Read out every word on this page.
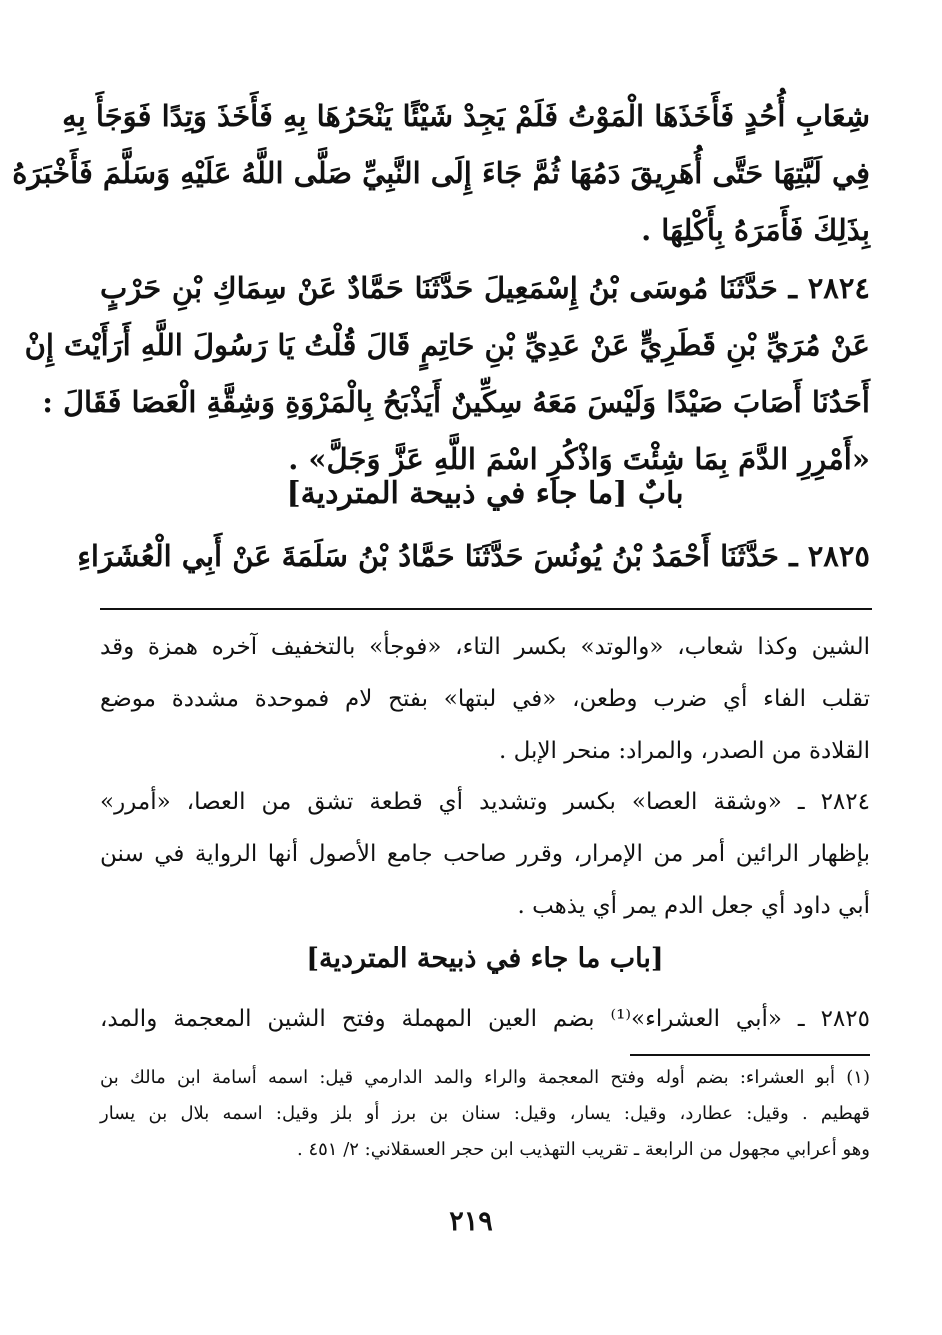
شِعَابِ أُحُدٍ فَأَخَذَهَا الْمَوْتُ فَلَمْ يَجِدْ شَيْئًا يَنْحَرُهَا بِهِ فَأَخَذَ وَتِدًا فَوَجَأَ بِهِ
فِي لَبَّتِهَا حَتَّى أُهَرِيقَ دَمُهَا ثُمَّ جَاءَ إِلَى النَّبِيِّ صَلَّى اللَّهُ عَلَيْهِ وَسَلَّمَ فَأَخْبَرَهُ
بِذَلِكَ فَأَمَرَهُ بِأَكْلِهَا .
٢٨٢٤ ـ حَدَّثَنَا مُوسَى بْنُ إِسْمَعِيلَ حَدَّثَنَا حَمَّادٌ عَنْ سِمَاكِ بْنِ حَرْبٍ
عَنْ مُرَيِّ بْنِ قَطَرِيٍّ عَنْ عَدِيِّ بْنِ حَاتِمٍ قَالَ قُلْتُ يَا رَسُولَ اللَّهِ أَرَأَيْتَ إِنْ
أَحَدُنَا أَصَابَ صَيْدًا وَلَيْسَ مَعَهُ سِكِّينٌ أَيَذْبَحُ بِالْمَرْوَةِ وَشِقَّةِ الْعَصَا فَقَالَ :
«أَمْرِرِ الدَّمَ بِمَا شِئْتَ وَاذْكُرِ اسْمَ اللَّهِ عَزَّ وَجَلَّ» .
بابٌ [ما جاء في ذبيحة المتردية]
٢٨٢٥ ـ حَدَّثَنَا أَحْمَدُ بْنُ يُونُسَ حَدَّثَنَا حَمَّادُ بْنُ سَلَمَةَ عَنْ أَبِي الْعُشَرَاءِ
الشين وكذا شعاب، «والوتد» بكسر التاء، «فوجأ» بالتخفيف آخره همزة وقد
تقلب الفاء أي ضرب وطعن، «في لبتها» بفتح لام فموحدة مشددة موضع
القلادة من الصدر، والمراد: منحر الإبل .
٢٨٢٤ ـ «وشقة العصا» بكسر وتشديد أي قطعة تشق من العصا، «أمرر»
بإظهار الرائين أمر من الإمرار، وقرر صاحب جامع الأصول أنها الرواية في سنن
أبي داود أي جعل الدم يمر أي يذهب .
[باب ما جاء في ذبيحة المتردية]
٢٨٢٥ ـ «أبي العشراء»⁽¹⁾ بضم العين المهملة وفتح الشين المعجمة والمد،
(١) أبو العشراء: بضم أوله وفتح المعجمة والراء والمد الدارمي قيل: اسمه أسامة ابن مالك بن
قهطيم . وقيل: عطارد، وقيل: يسار، وقيل: سنان بن برز أو بلز وقيل: اسمه بلال بن يسار
وهو أعرابي مجهول من الرابعة ـ تقريب التهذيب ابن حجر العسقلاني: ٢/ ٤٥١ .
٢١٩
